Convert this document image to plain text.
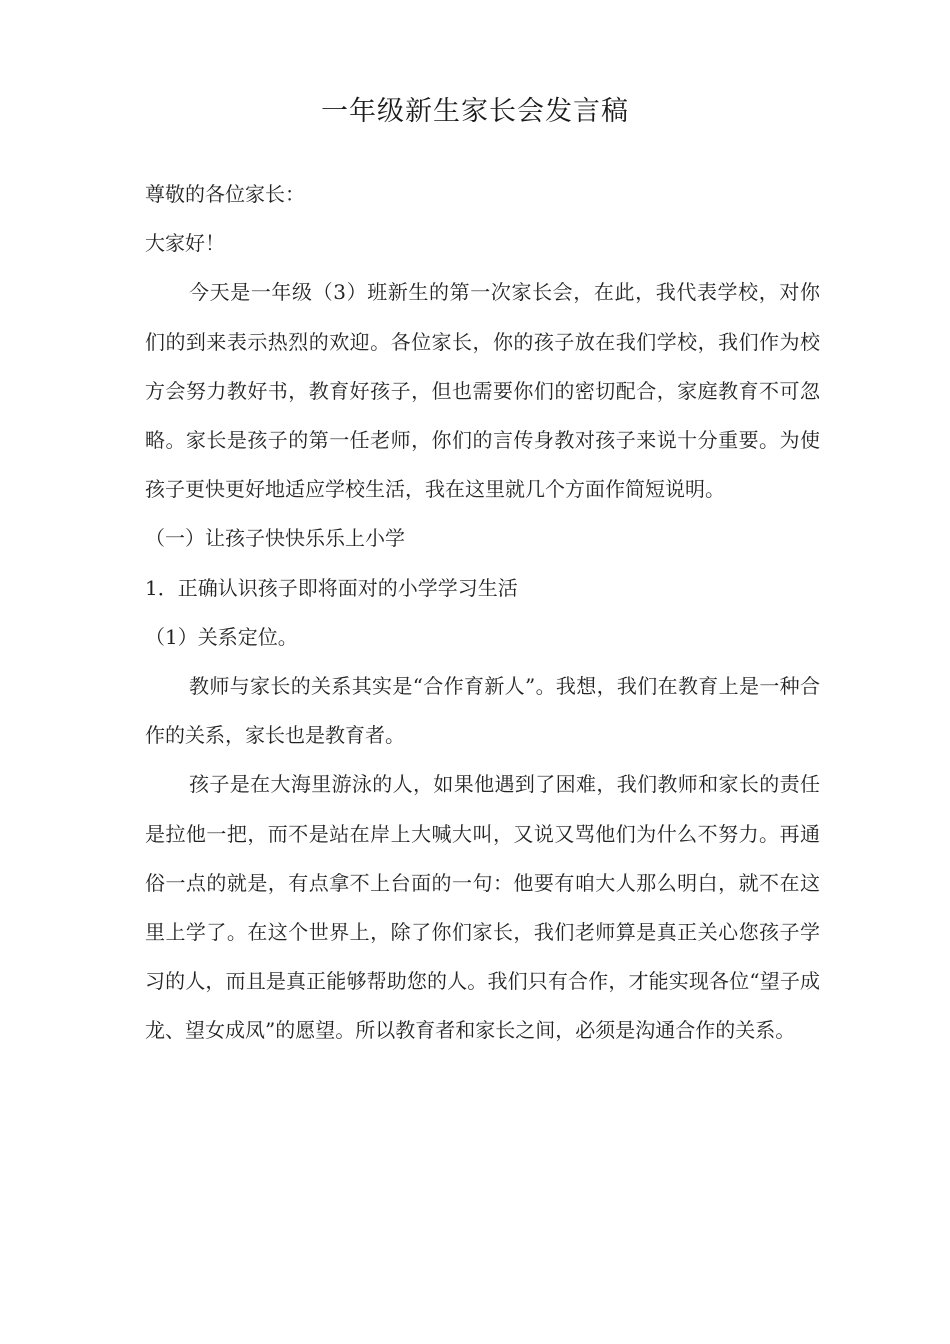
一年级新生家长会发言稿

尊敬的各位家长：

大家好！

今天是一年级（3）班新生的第一次家长会，在此，我代表学校，对你们的到来表示热烈的欢迎。各位家长，你的孩子放在我们学校，我们作为校方会努力教好书，教育好孩子，但也需要你们的密切配合，家庭教育不可忽略。家长是孩子的第一任老师，你们的言传身教对孩子来说十分重要。为使孩子更快更好地适应学校生活，我在这里就几个方面作简短说明。

（一）让孩子快快乐乐上小学

1．正确认识孩子即将面对的小学学习生活

（1）关系定位。

教师与家长的关系其实是“合作育新人”。我想，我们在教育上是一种合作的关系，家长也是教育者。

孩子是在大海里游泳的人，如果他遇到了困难，我们教师和家长的责任是拉他一把，而不是站在岸上大喊大叫，又说又骂他们为什么不努力。再通俗一点的就是，有点拿不上台面的一句：他要有咱大人那么明白，就不在这里上学了。在这个世界上，除了你们家长，我们老师算是真正关心您孩子学习的人，而且是真正能够帮助您的人。我们只有合作，才能实现各位“望子成龙、望女成凤”的愿望。所以教育者和家长之间，必须是沟通合作的关系。
